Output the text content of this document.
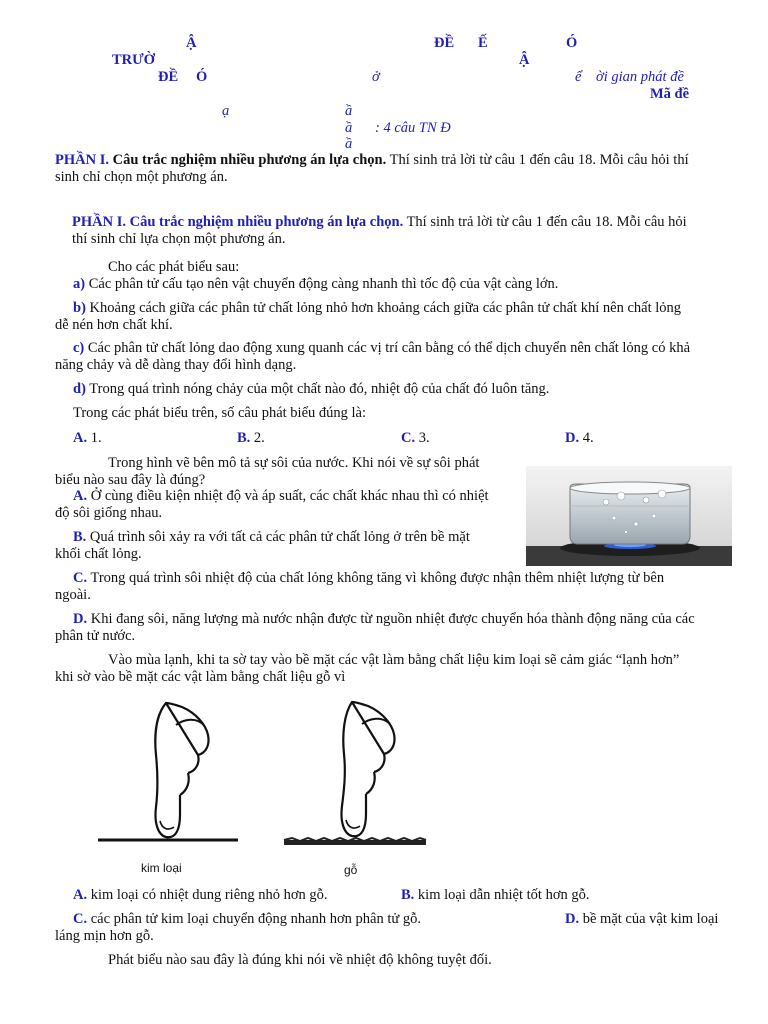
Ậ	ĐỀ Ế	Ó
TRƯỜ	Ậ
ĐỀ Ó	ở	ể ời gian phát đề
Mã đề
ạ	ầ
ầ : 4 câu TN Đ
ầ
PHẦN I. Câu trắc nghiệm nhiều phương án lựa chọn. Thí sinh trả lời từ câu 1 đến câu 18. Mỗi câu hỏi thí
sinh chỉ chọn một phương án.
PHẦN I. Câu trắc nghiệm nhiều phương án lựa chọn. Thí sinh trả lời từ câu 1 đến câu 18. Mỗi câu hỏi
thí sinh chỉ lựa chọn một phương án.
Cho các phát biểu sau:
a) Các phân tử cấu tạo nên vật chuyển động càng nhanh thì tốc độ của vật càng lớn.
b) Khoảng cách giữa các phân tử chất lỏng nhỏ hơn khoảng cách giữa các phân tử chất khí nên chất lỏng
dễ nén hơn chất khí.
c) Các phân tử chất lỏng dao động xung quanh các vị trí cân bằng có thể dịch chuyển nên chất lỏng có khả
năng chảy và dễ dàng thay đổi hình dạng.
d) Trong quá trình nóng chảy của một chất nào đó, nhiệt độ của chất đó luôn tăng.
Trong các phát biểu trên, số câu phát biểu đúng là:
A. 1.	B. 2.	C. 3.	D. 4.
Trong hình vẽ bên mô tả sự sôi của nước. Khi nói về sự sôi phát
biểu nào sau đây là đúng?
A. Ở cùng điều kiện nhiệt độ và áp suất, các chất khác nhau thì có nhiệt
độ sôi giống nhau.
B. Quá trình sôi xảy ra với tất cả các phân tử chất lỏng ở trên bề mặt
khối chất lỏng.
C. Trong quá trình sôi nhiệt độ của chất lỏng không tăng vì không được nhận thêm nhiệt lượng từ bên
ngoài.
D. Khi đang sôi, năng lượng mà nước nhận được từ nguồn nhiệt được chuyển hóa thành động năng của các
phân tử nước.
Vào mùa lạnh, khi ta sờ tay vào bề mặt các vật làm bằng chất liệu kim loại sẽ cảm giác “lạnh hơn”
khi sờ vào bề mặt các vật làm bằng chất liệu gỗ vì
kim loại	gỗ
A. kim loại có nhiệt dung riêng nhỏ hơn gỗ.	B. kim loại dẫn nhiệt tốt hơn gỗ.
C. các phân tử kim loại chuyển động nhanh hơn phân tử gỗ.	D. bề mặt của vật kim loại
láng mịn hơn gỗ.
Phát biểu nào sau đây là đúng khi nói về nhiệt độ không tuyệt đối.
